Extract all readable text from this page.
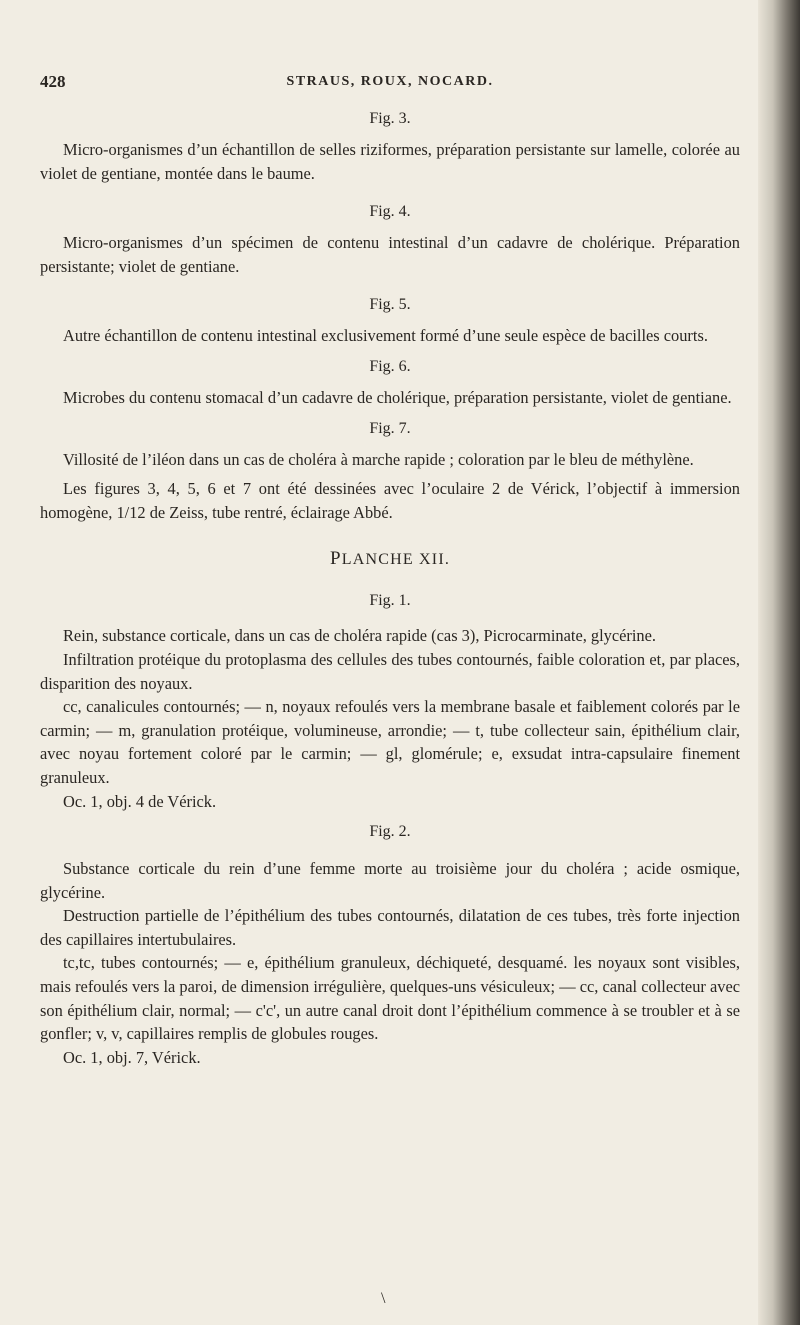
428	STRAUS, ROUX, NOCARD.
Fig. 3.

Micro-organismes d’un échantillon de selles riziformes, préparation persistante sur lamelle, colorée au violet de gentiane, montée dans le baume.

Fig. 4.

Micro-organismes d’un spécimen de contenu intestinal d’un cadavre de cholérique. Préparation persistante; violet de gentiane.

Fig. 5.

Autre échantillon de contenu intestinal exclusivement formé d’une seule espèce de bacilles courts.

Fig. 6.

Microbes du contenu stomacal d’un cadavre de cholérique, préparation persistante, violet de gentiane.

Fig. 7.

Villosité de l’iléon dans un cas de choléra à marche rapide ; coloration par le bleu de méthylène.

Les figures 3, 4, 5, 6 et 7 ont été dessinées avec l’oculaire 2 de Vérick, l’objectif à immersion homogène, 1/12 de Zeiss, tube rentré, éclairage Abbé.

PLANCHE XII.
Fig. 1.

Rein, substance corticale, dans un cas de choléra rapide (cas 3), Picrocarminate, glycérine.

Infiltration protéique du protoplasma des cellules des tubes contournés, faible coloration et, par places, disparition des noyaux.

cc, canalicules contournés; — n, noyaux refoulés vers la membrane basale et faiblement colorés par le carmin; — m, granulation protéique, volumineuse, arrondie; — t, tube collecteur sain, épithélium clair, avec noyau fortement coloré par le carmin; — gl, glomérule; e, exsudat intra-capsulaire finement granuleux.

Oc. 1, obj. 4 de Vérick.

Fig. 2.

Substance corticale du rein d’une femme morte au troisième jour du choléra ; acide osmique, glycérine.

Destruction partielle de l’épithélium des tubes contournés, dilatation de ces tubes, très forte injection des capillaires intertubulaires.

tc,tc, tubes contournés; — e, épithélium granuleux, déchiqueté, desquamé. les noyaux sont visibles, mais refoulés vers la paroi, de dimension irrégulière, quelques-uns vésiculeux; — cc, canal collecteur avec son épithélium clair, normal; — c'c', un autre canal droit dont l’épithélium commence à se troubler et à se gonfler; v, v, capillaires remplis de globules rouges.

Oc. 1, obj. 7, Vérick.

\
